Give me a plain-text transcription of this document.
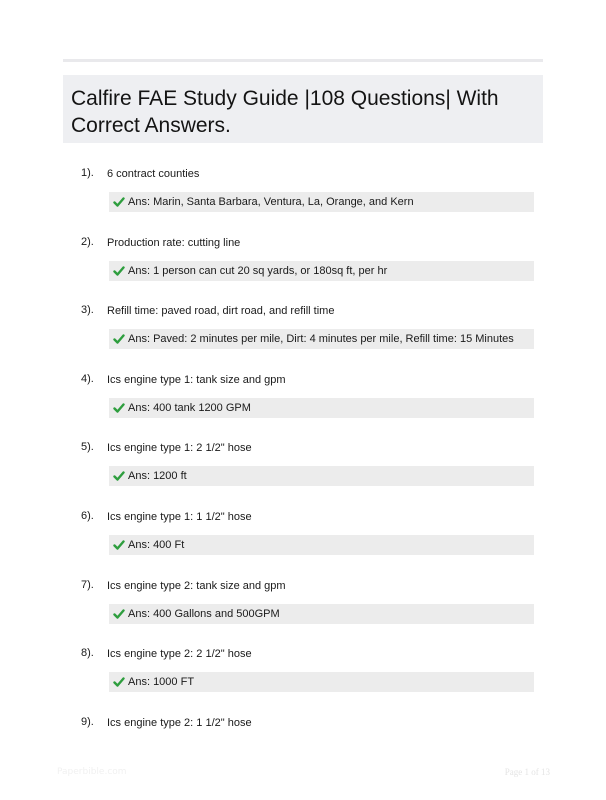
Calfire FAE Study Guide |108 Questions| With Correct Answers.
1). 6 contract counties
Ans: Marin, Santa Barbara, Ventura, La, Orange, and Kern
2). Production rate: cutting line
Ans: 1 person can cut 20 sq yards, or 180sq ft, per hr
3). Refill time: paved road, dirt road, and refill time
Ans: Paved: 2 minutes per mile, Dirt: 4 minutes per mile, Refill time: 15 Minutes
4). Ics engine type 1: tank size and gpm
Ans: 400 tank 1200 GPM
5). Ics engine type 1: 2 1/2" hose
Ans: 1200 ft
6). Ics engine type 1: 1 1/2" hose
Ans: 400 Ft
7). Ics engine type 2: tank size and gpm
Ans: 400 Gallons and 500GPM
8). Ics engine type 2: 2 1/2" hose
Ans: 1000 FT
9). Ics engine type 2: 1 1/2" hose
Paperbible.com	Page 1 of 13
